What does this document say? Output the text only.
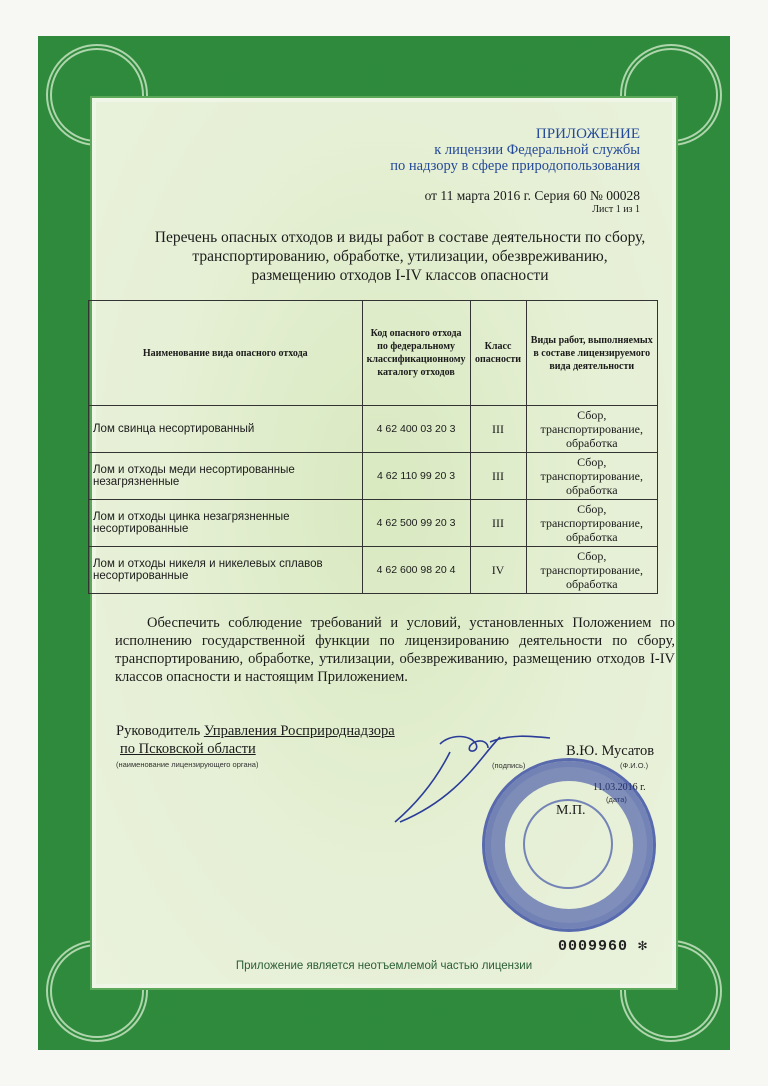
ПРИЛОЖЕНИЕ
к лицензии Федеральной службы
по надзору в сфере природопользования
от 11 марта 2016 г. Серия 60 № 00028
Лист 1 из 1
Перечень опасных отходов и виды работ в составе деятельности по сбору,
транспортированию, обработке, утилизации, обезвреживанию,
размещению отходов I-IV классов опасности
Наименование вида опасного отхода	Код опасного отхода по федеральному классификационному каталогу отходов	Класс опасности	Виды работ, выполняемых в составе лицензируемого вида деятельности
Лом свинца несортированный	4 62 400 03 20 3	III	Сбор, транспортирование, обработка
Лом и отходы меди несортированные незагрязненные	4 62 110 99 20 3	III	Сбор, транспортирование, обработка
Лом и отходы цинка незагрязненные несортированные	4 62 500 99 20 3	III	Сбор, транспортирование, обработка
Лом и отходы никеля и никелевых сплавов несортированные	4 62 600 98 20 4	IV	Сбор, транспортирование, обработка
Обеспечить соблюдение требований и условий, установленных Положением по исполнению государственной функции по лицензированию деятельности по сбору, транспортированию, обработке, утилизации, обезвреживанию, размещению отходов I-IV классов опасности и настоящим Приложением.
Руководитель Управления Росприроднадзора
по Псковской области
(наименование лицензирующего органа)	(подпись)
В.Ю. Мусатов
(Ф.И.О.)
11.03.2016 г.
(дата)
М.П.
0009960 ✻
Приложение является неотъемлемой частью лицензии
